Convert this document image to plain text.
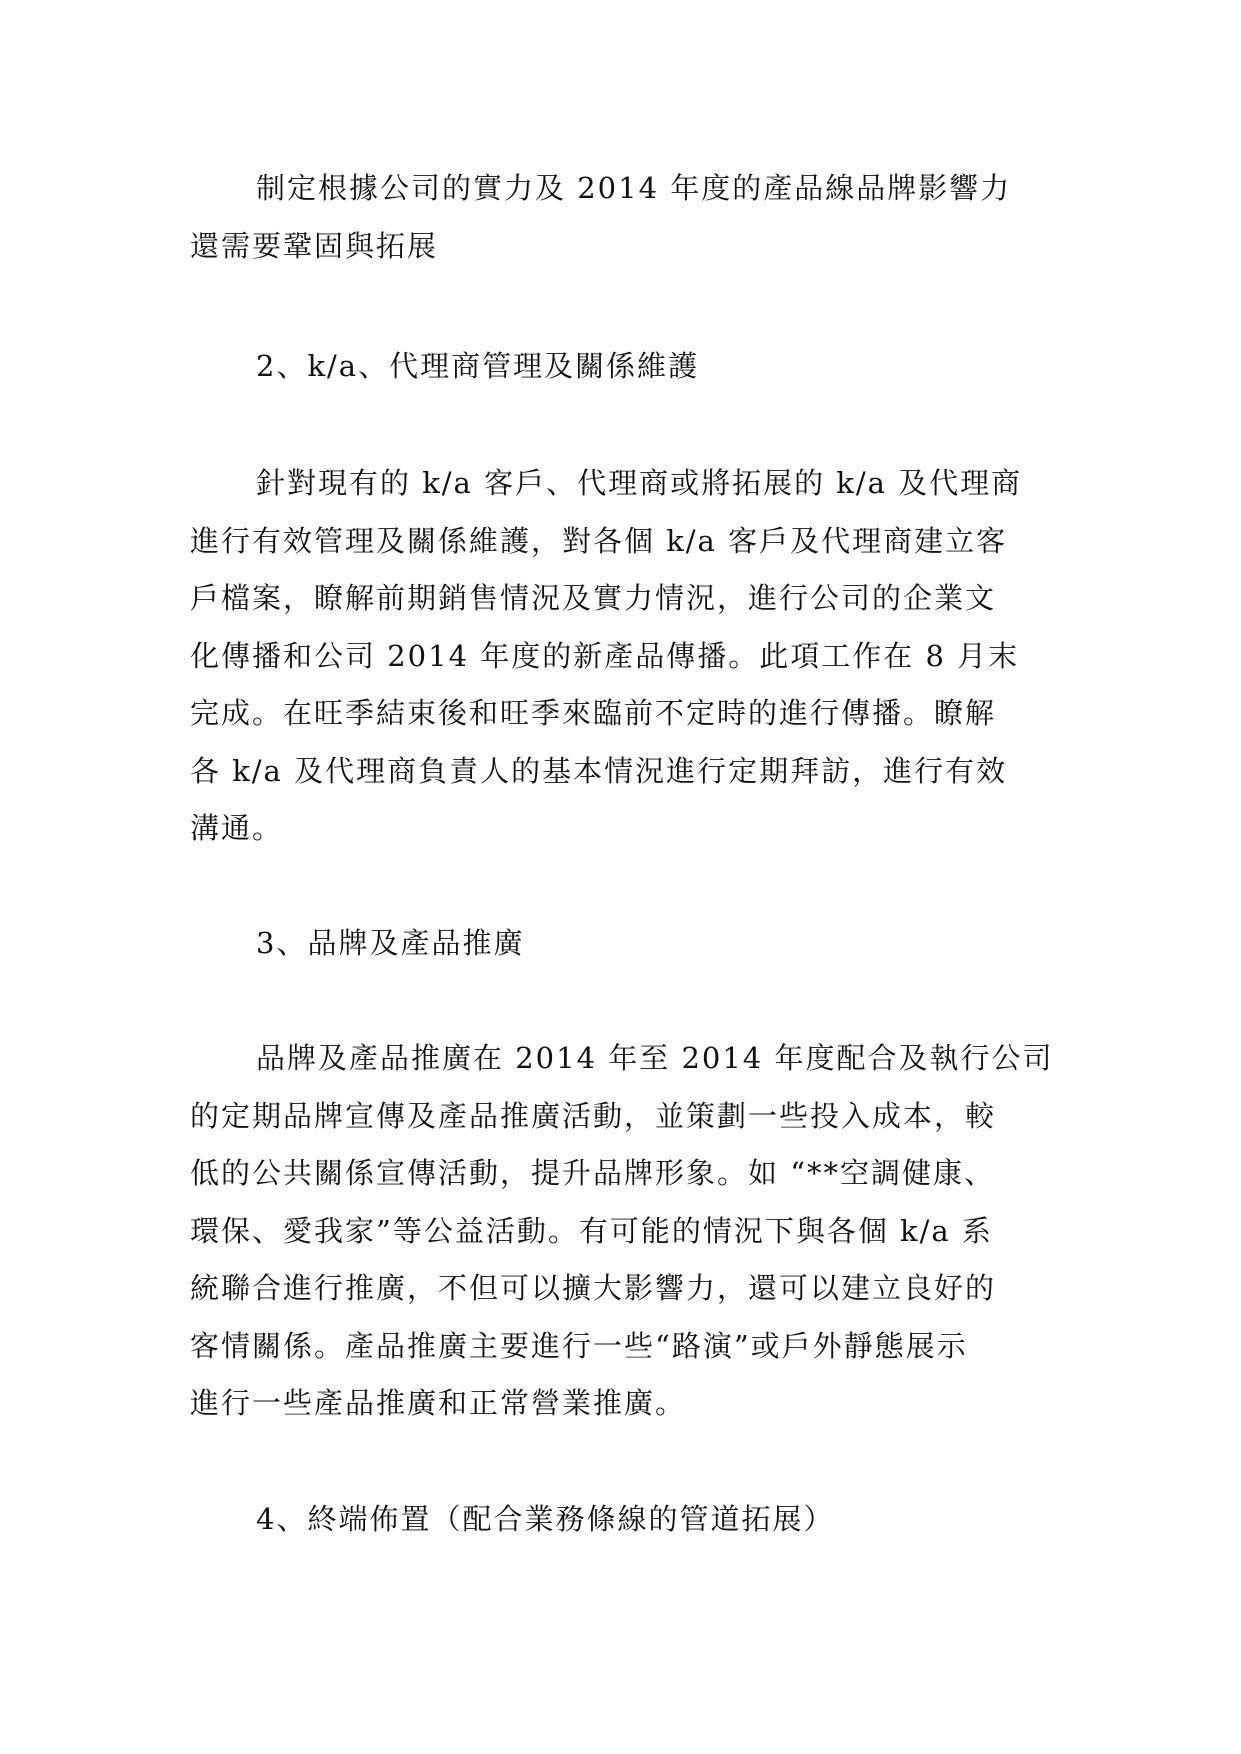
制定根據公司的實力及 2014 年度的產品線品牌影響力
還需要鞏固與拓展
2、k/a、代理商管理及關係維護
針對現有的 k/a 客戶、代理商或將拓展的 k/a 及代理商
進行有效管理及關係維護，對各個 k/a 客戶及代理商建立客
戶檔案，瞭解前期銷售情況及實力情況，進行公司的企業文
化傳播和公司 2014 年度的新產品傳播。此項工作在 8 月末
完成。在旺季結束後和旺季來臨前不定時的進行傳播。瞭解
各 k/a 及代理商負責人的基本情況進行定期拜訪，進行有效
溝通。
3、品牌及產品推廣
品牌及產品推廣在 2014 年至 2014 年度配合及執行公司
的定期品牌宣傳及產品推廣活動，並策劃一些投入成本，較
低的公共關係宣傳活動，提升品牌形象。如 “**空調健康、
環保、愛我家”等公益活動。有可能的情況下與各個 k/a 系
統聯合進行推廣，不但可以擴大影響力，還可以建立良好的
客情關係。產品推廣主要進行一些“路演”或戶外靜態展示
進行一些產品推廣和正常營業推廣。
4、終端佈置（配合業務條線的管道拓展）
